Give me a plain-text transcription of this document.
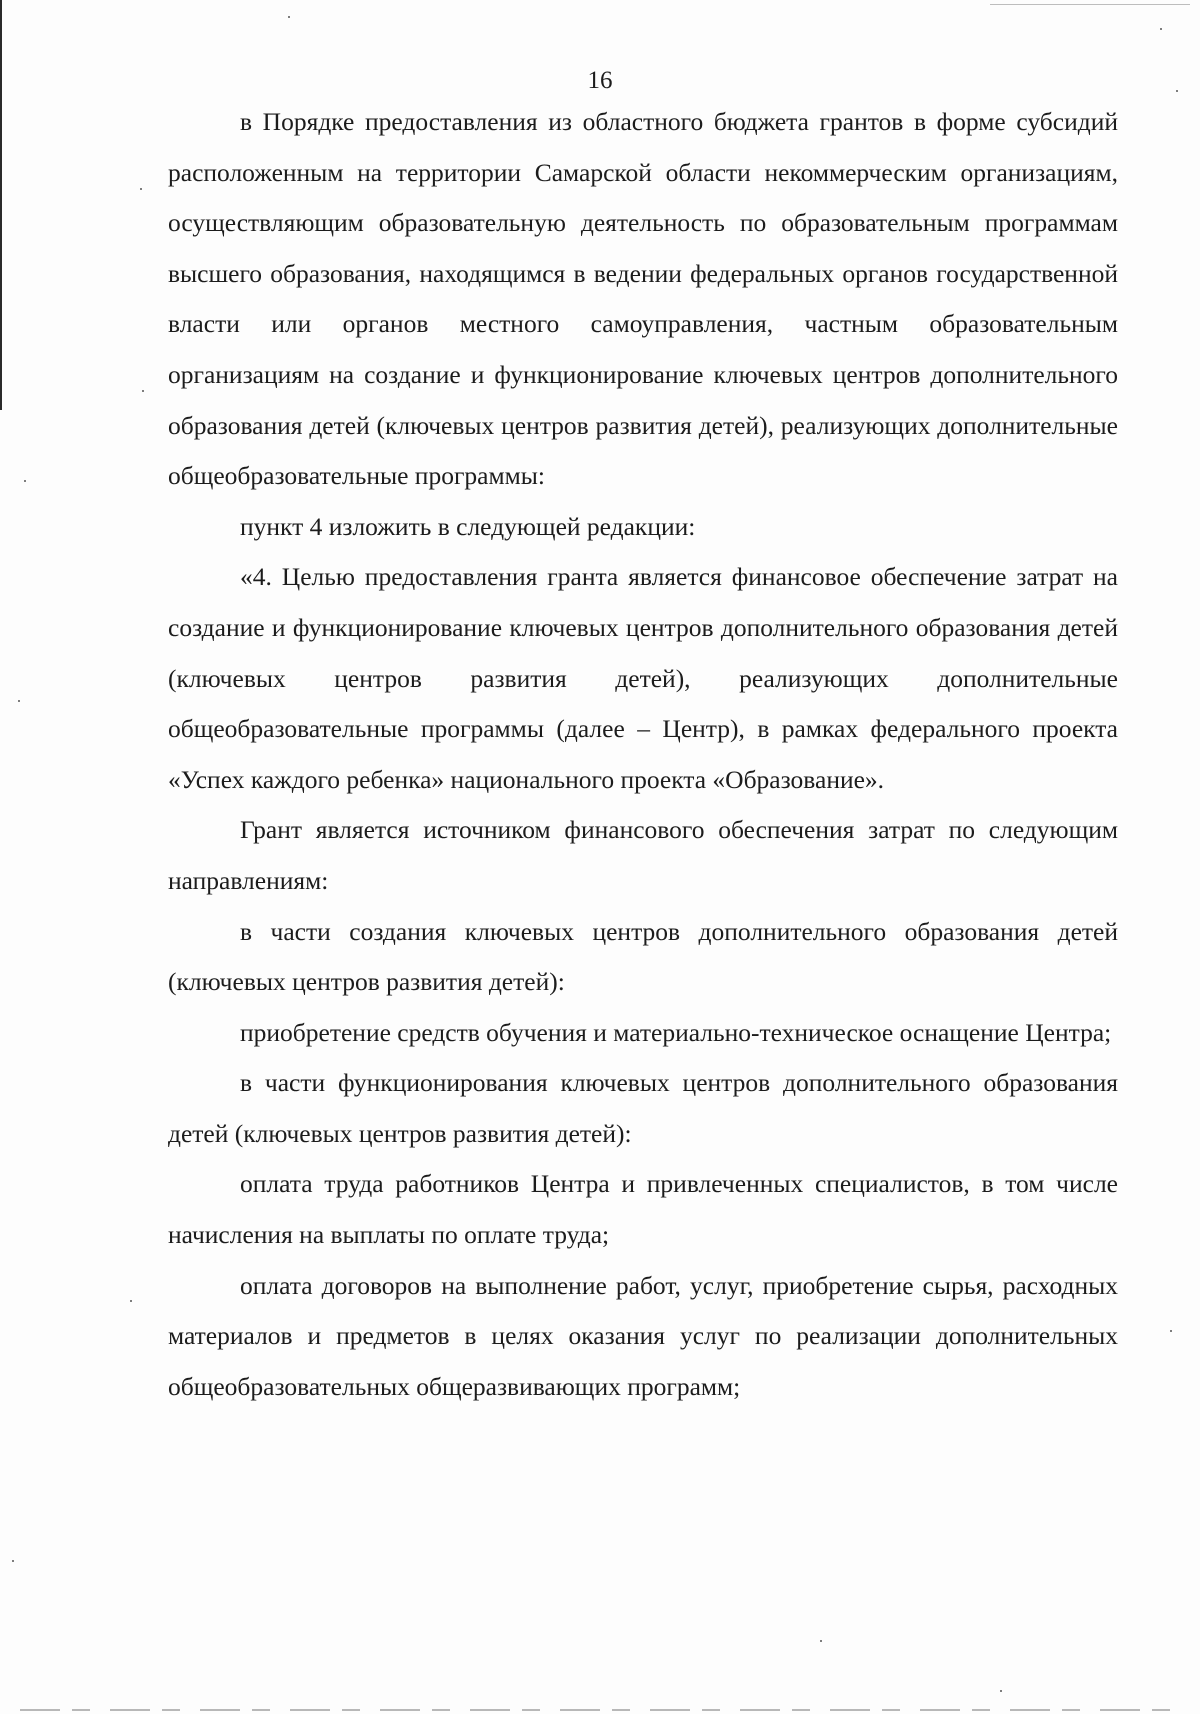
16

в Порядке предоставления из областного бюджета грантов в форме субсидий расположенным на территории Самарской области некоммерческим организациям, осуществляющим образовательную деятельность по образовательным программам высшего образования, находящимся в ведении федеральных органов государственной власти или органов местного самоуправления, частным образовательным организациям на создание и функционирование ключевых центров дополнительного образования детей (ключевых центров развития детей), реализующих дополнительные общеобразовательные программы:

пункт 4 изложить в следующей редакции:

«4. Целью предоставления гранта является финансовое обеспечение затрат на создание и функционирование ключевых центров дополнительного образования детей (ключевых центров развития детей), реализующих дополнительные общеобразовательные программы (далее – Центр), в рамках федерального проекта «Успех каждого ребенка» национального проекта «Образование».

Грант является источником финансового обеспечения затрат по следующим направлениям:

в части создания ключевых центров дополнительного образования детей (ключевых центров развития детей):

приобретение средств обучения и материально-техническое оснащение Центра;

в части функционирования ключевых центров дополнительного образования детей (ключевых центров развития детей):

оплата труда работников Центра и привлеченных специалистов, в том числе начисления на выплаты по оплате труда;

оплата договоров на выполнение работ, услуг, приобретение сырья, расходных материалов и предметов в целях оказания услуг по реализации дополнительных общеобразовательных общеразвивающих программ;
